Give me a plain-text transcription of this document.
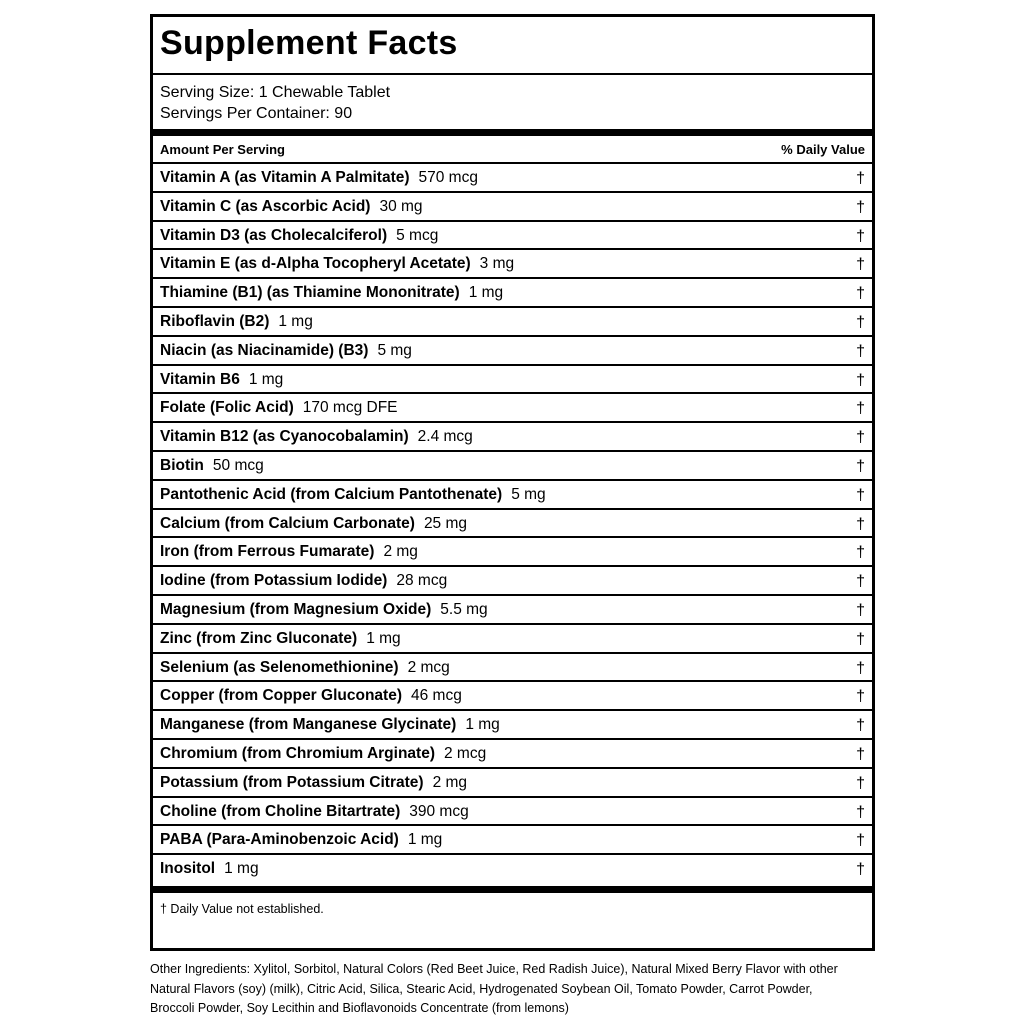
Supplement Facts
Serving Size: 1 Chewable Tablet
Servings Per Container: 90
Amount Per Serving	% Daily Value
Vitamin A (as Vitamin A Palmitate) 570 mcg	†
Vitamin C (as Ascorbic Acid) 30 mg	†
Vitamin D3 (as Cholecalciferol) 5 mcg	†
Vitamin E (as d-Alpha Tocopheryl Acetate) 3 mg	†
Thiamine (B1) (as Thiamine Mononitrate) 1 mg	†
Riboflavin (B2) 1 mg	†
Niacin (as Niacinamide) (B3) 5 mg	†
Vitamin B6 1 mg	†
Folate (Folic Acid) 170 mcg DFE	†
Vitamin B12 (as Cyanocobalamin) 2.4 mcg	†
Biotin 50 mcg	†
Pantothenic Acid (from Calcium Pantothenate) 5 mg	†
Calcium (from Calcium Carbonate) 25 mg	†
Iron (from Ferrous Fumarate) 2 mg	†
Iodine (from Potassium Iodide) 28 mcg	†
Magnesium (from Magnesium Oxide) 5.5 mg	†
Zinc (from Zinc Gluconate) 1 mg	†
Selenium (as Selenomethionine) 2 mcg	†
Copper (from Copper Gluconate) 46 mcg	†
Manganese (from Manganese Glycinate) 1 mg	†
Chromium (from Chromium Arginate) 2 mcg	†
Potassium (from Potassium Citrate) 2 mg	†
Choline (from Choline Bitartrate) 390 mcg	†
PABA (Para-Aminobenzoic Acid) 1 mg	†
Inositol 1 mg	†
† Daily Value not established.
Other Ingredients: Xylitol, Sorbitol, Natural Colors (Red Beet Juice, Red Radish Juice), Natural Mixed Berry Flavor with other Natural Flavors (soy) (milk), Citric Acid, Silica, Stearic Acid, Hydrogenated Soybean Oil, Tomato Powder, Carrot Powder, Broccoli Powder, Soy Lecithin and Bioflavonoids Concentrate (from lemons)
